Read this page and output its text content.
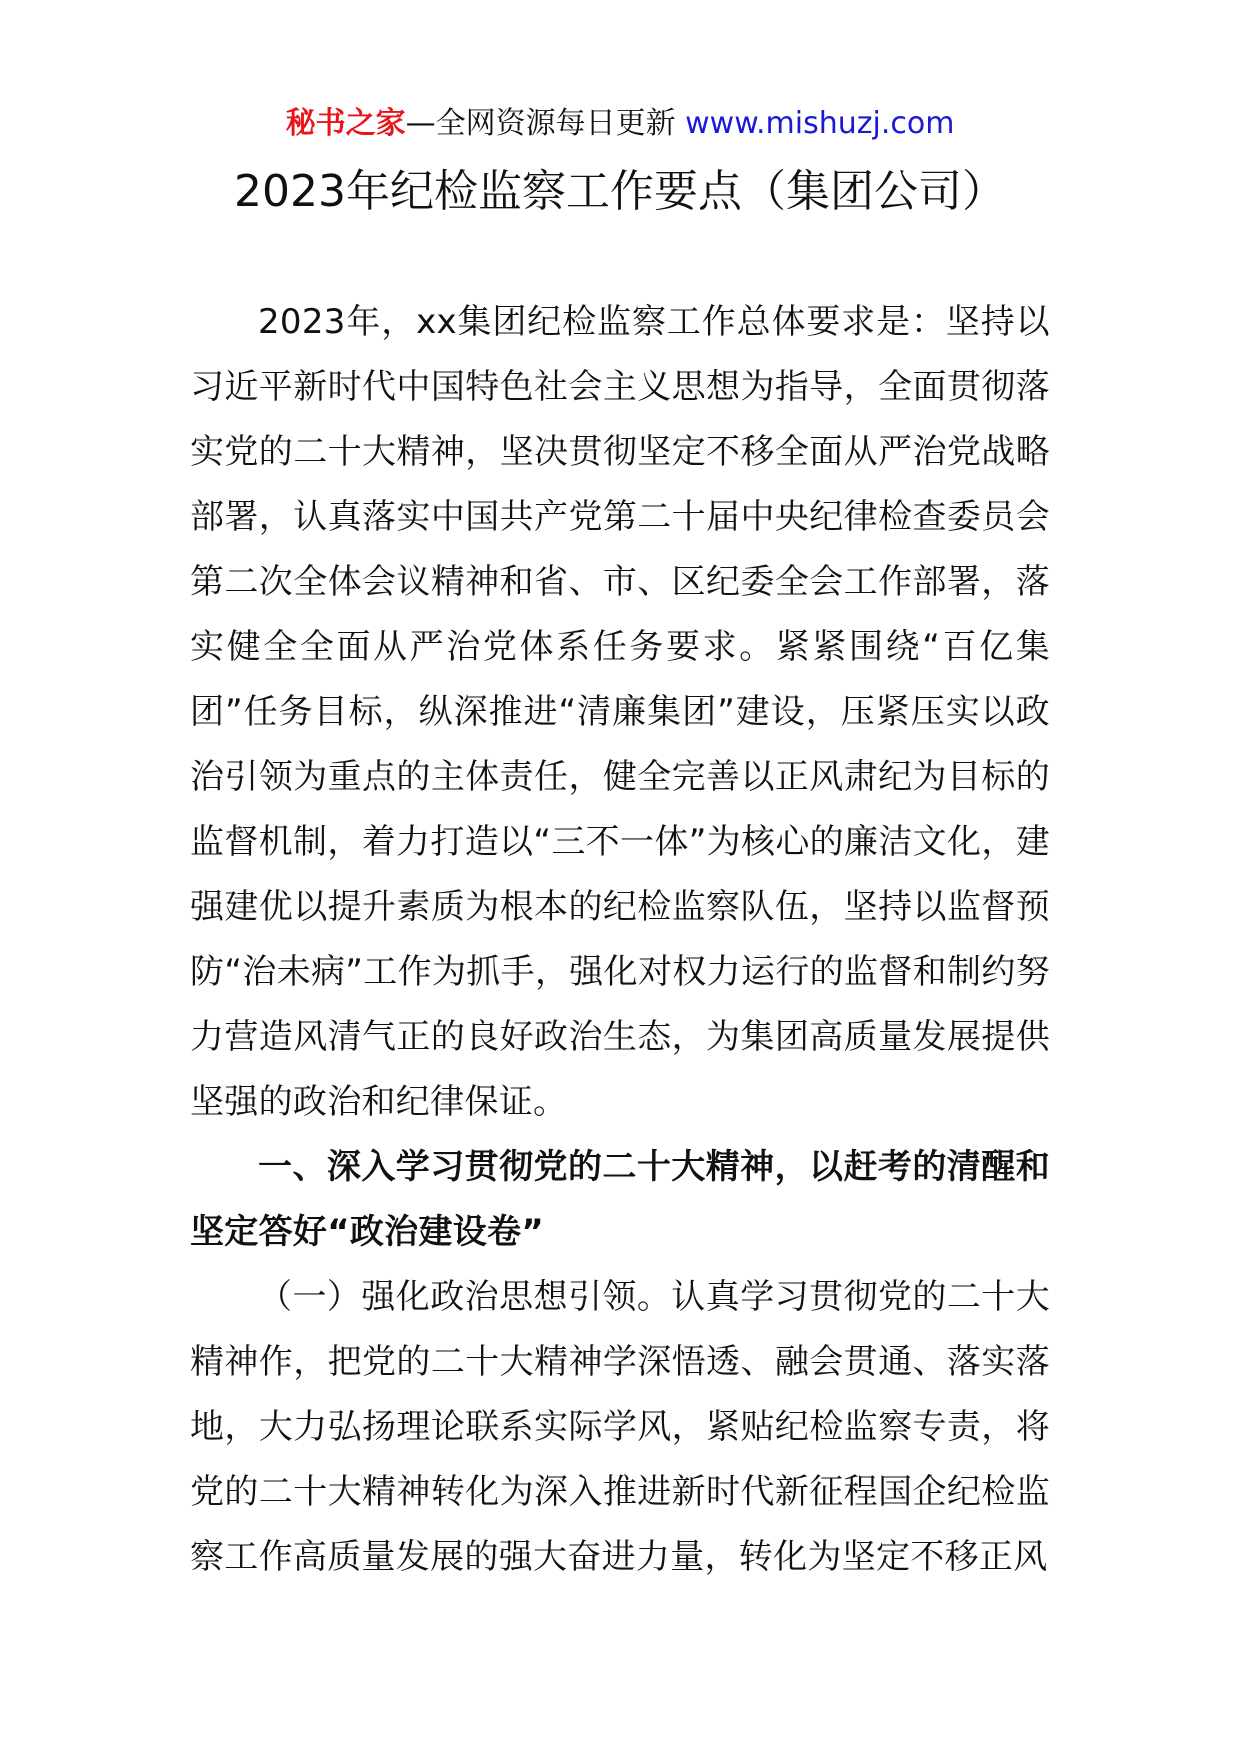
秘书之家—全网资源每日更新 www.mishuzj.com
2023年纪检监察工作要点（集团公司）

2023年，xx集团纪检监察工作总体要求是：坚持以习近平新时代中国特色社会主义思想为指导，全面贯彻落实党的二十大精神，坚决贯彻坚定不移全面从严治党战略部署，认真落实中国共产党第二十届中央纪律检查委员会第二次全体会议精神和省、市、区纪委全会工作部署，落实健全全面从严治党体系任务要求。紧紧围绕“百亿集团”任务目标，纵深推进“清廉集团”建设，压紧压实以政治引领为重点的主体责任，健全完善以正风肃纪为目标的监督机制，着力打造以“三不一体”为核心的廉洁文化，建强建优以提升素质为根本的纪检监察队伍，坚持以监督预防“治未病”工作为抓手，强化对权力运行的监督和制约努力营造风清气正的良好政治生态，为集团高质量发展提供坚强的政治和纪律保证。

一、深入学习贯彻党的二十大精神，以赶考的清醒和坚定答好“政治建设卷”

（一）强化政治思想引领。认真学习贯彻党的二十大精神作，把党的二十大精神学深悟透、融会贯通、落实落地，大力弘扬理论联系实际学风，紧贴纪检监察专责，将党的二十大精神转化为深入推进新时代新征程国企纪检监察工作高质量发展的强大奋进力量，转化为坚定不移正风
